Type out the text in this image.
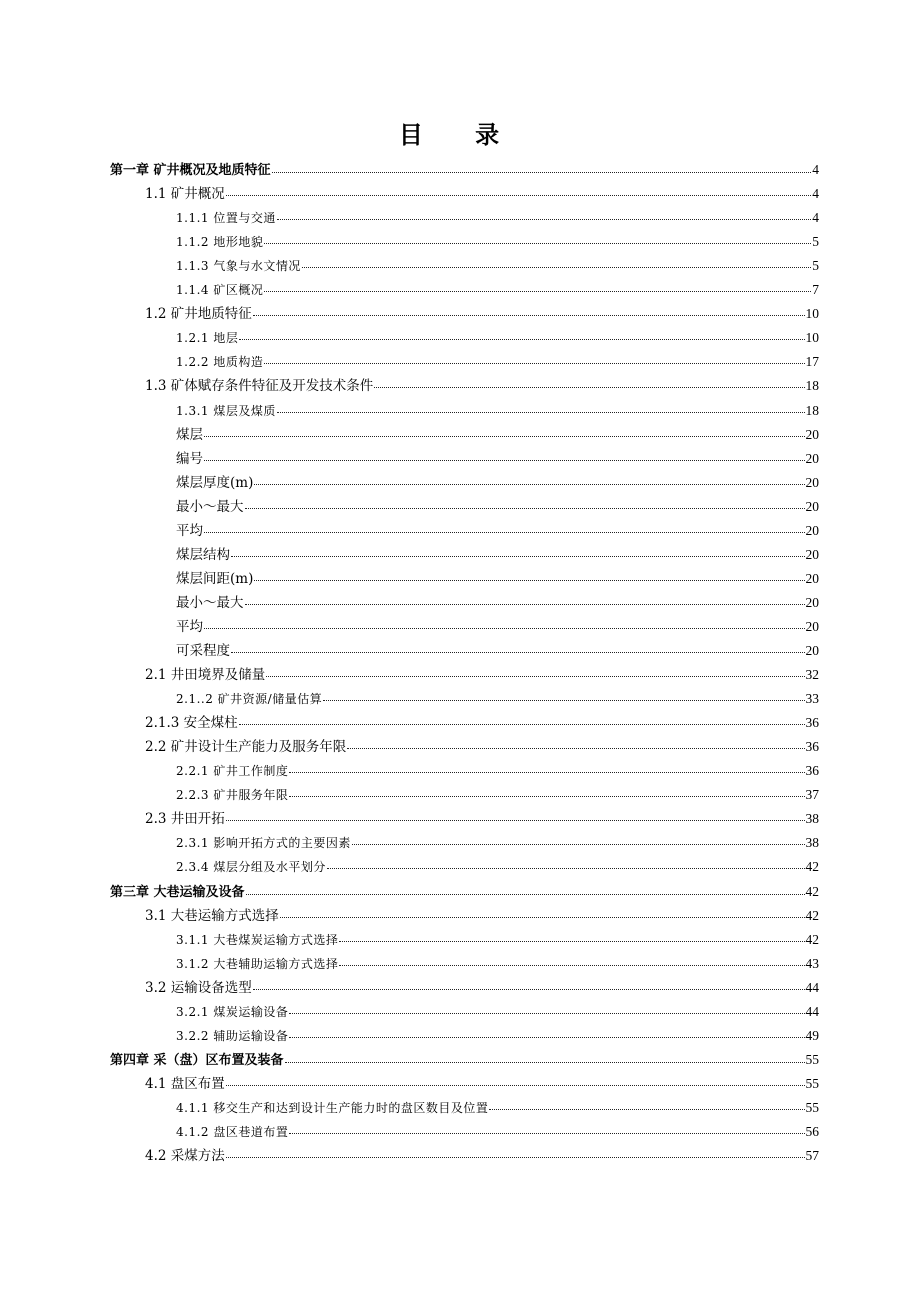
目 录
第一章 矿井概况及地质特征	4
1.1 矿井概况	4
1.1.1 位置与交通	4
1.1.2 地形地貌	5
1.1.3 气象与水文情况	5
1.1.4 矿区概况	7
1.2 矿井地质特征	10
1.2.1 地层	10
1.2.2 地质构造	17
1.3 矿体赋存条件特征及开发技术条件	18
1.3.1 煤层及煤质	18
煤层	20
编号	20
煤层厚度(m)	20
最小～最大	20
平均	20
煤层结构	20
煤层间距(m)	20
最小～最大	20
平均	20
可采程度	20
2.1 井田境界及储量	32
2.1..2 矿井资源/储量估算	33
2.1.3 安全煤柱	36
2.2 矿井设计生产能力及服务年限	36
2.2.1 矿井工作制度	36
2.2.3 矿井服务年限	37
2.3 井田开拓	38
2.3.1 影响开拓方式的主要因素	38
2.3.4 煤层分组及水平划分	42
第三章 大巷运输及设备	42
3.1 大巷运输方式选择	42
3.1.1 大巷煤炭运输方式选择	42
3.1.2 大巷辅助运输方式选择	43
3.2 运输设备选型	44
3.2.1 煤炭运输设备	44
3.2.2 辅助运输设备	49
第四章 采（盘）区布置及装备	55
4.1 盘区布置	55
4.1.1 移交生产和达到设计生产能力时的盘区数目及位置	55
4.1.2 盘区巷道布置	56
4.2 采煤方法	57
